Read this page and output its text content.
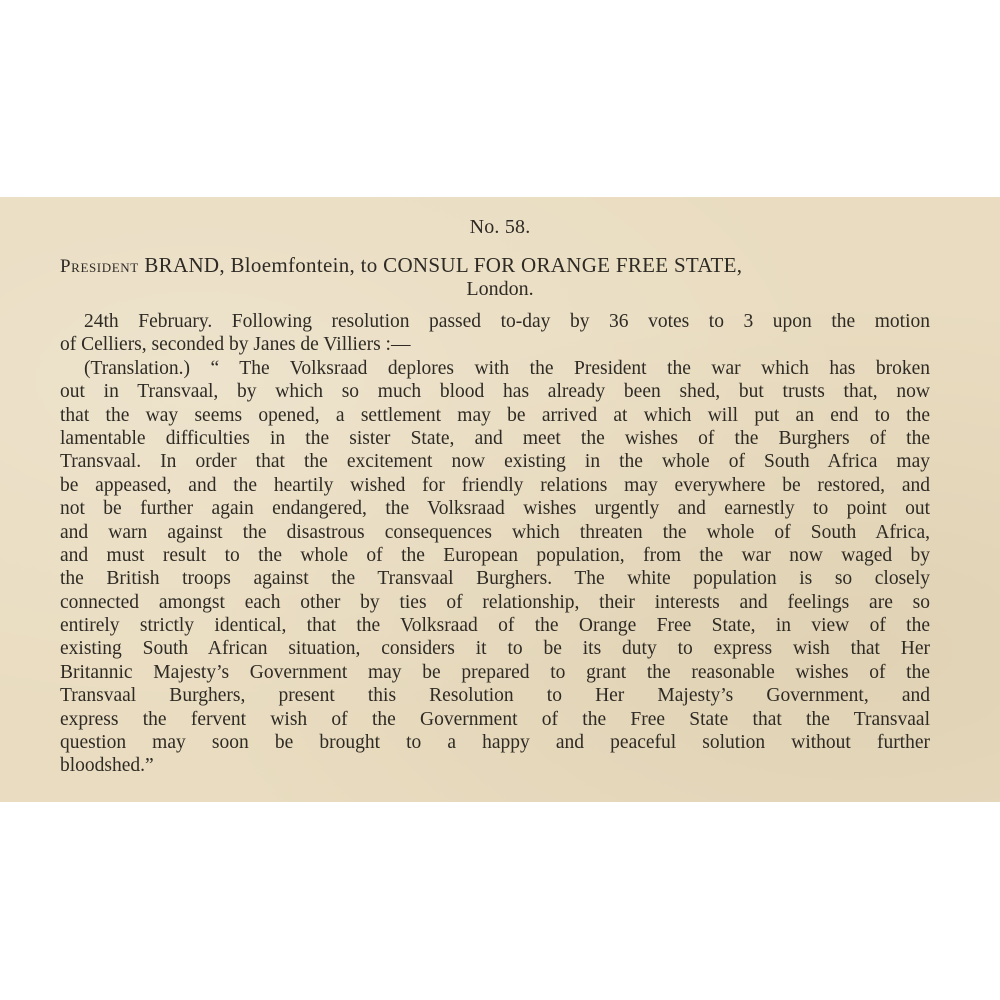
No. 58.
President BRAND, Bloemfontein, to CONSUL FOR ORANGE FREE STATE,
London.
24th February. Following resolution passed to-day by 36 votes to 3 upon the motion
of Celliers, seconded by Janes de Villiers :—
(Translation.) “ The Volksraad deplores with the President the war which has broken
out in Transvaal, by which so much blood has already been shed, but trusts that, now
that the way seems opened, a settlement may be arrived at which will put an end to the
lamentable difficulties in the sister State, and meet the wishes of the Burghers of the
Transvaal. In order that the excitement now existing in the whole of South Africa may
be appeased, and the heartily wished for friendly relations may everywhere be restored, and
not be further again endangered, the Volksraad wishes urgently and earnestly to point out
and warn against the disastrous consequences which threaten the whole of South Africa,
and must result to the whole of the European population, from the war now waged by
the British troops against the Transvaal Burghers. The white population is so closely
connected amongst each other by ties of relationship, their interests and feelings are so
entirely strictly identical, that the Volksraad of the Orange Free State, in view of the
existing South African situation, considers it to be its duty to express wish that Her
Britannic Majesty’s Government may be prepared to grant the reasonable wishes of the
Transvaal Burghers, present this Resolution to Her Majesty’s Government, and
express the fervent wish of the Government of the Free State that the Transvaal
question may soon be brought to a happy and peaceful solution without further
bloodshed.”
